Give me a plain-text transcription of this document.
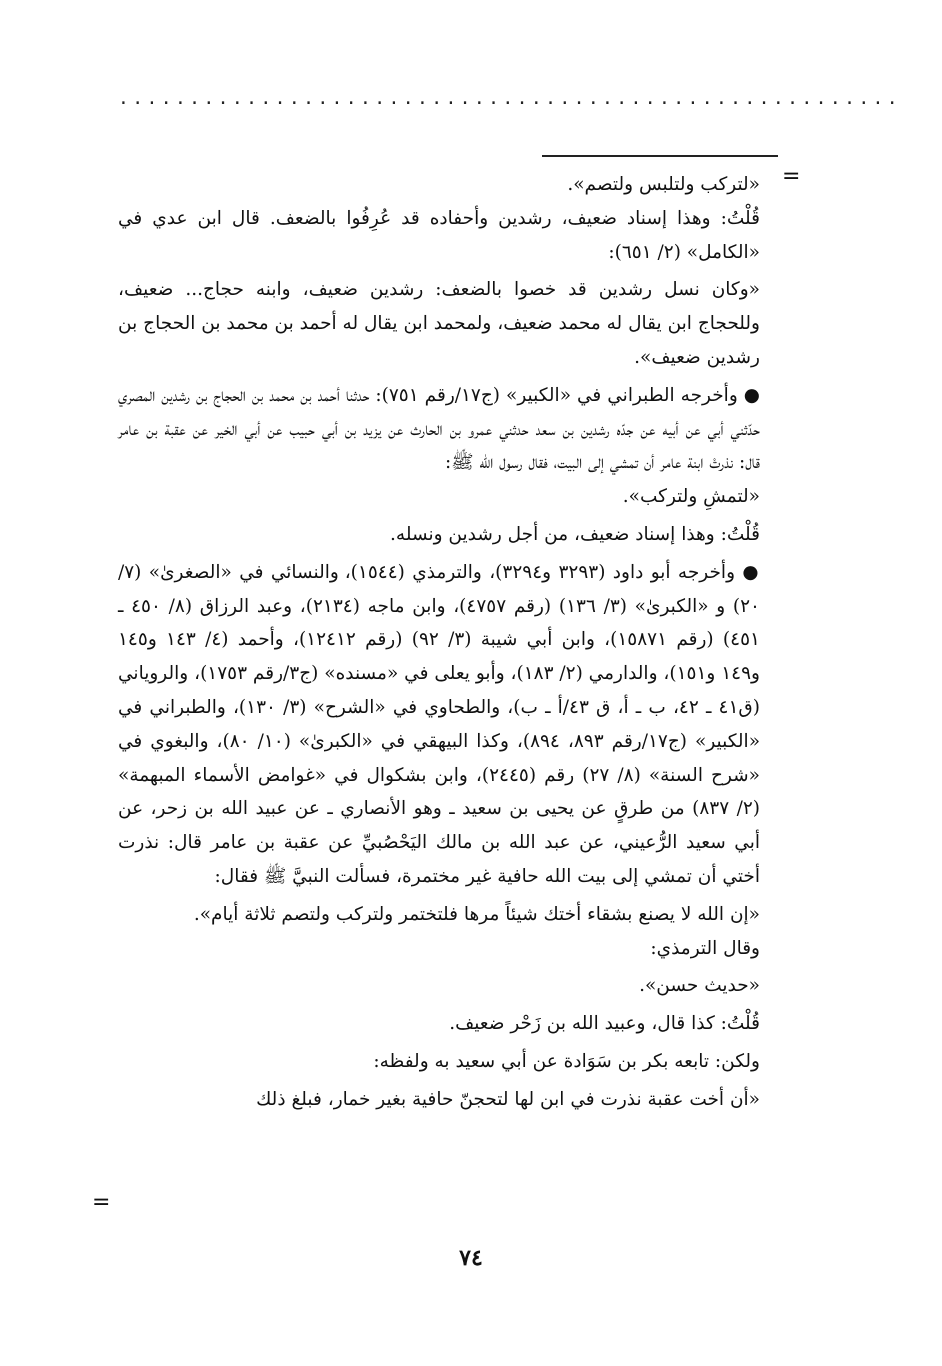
.......................................................
=

«لتركب ولتلبس ولتصم».

قُلْتُ: وهذا إسناد ضعيف، رشدين وأحفاده قد عُرِفُوا بالضعف. قال ابن عدي في «الكامل» (٢/ ٦٥١):

«وكان نسل رشدين قد خصوا بالضعف: رشدين ضعيف، وابنه حجاج... ضعيف، وللحجاج ابن يقال له محمد ضعيف، ولمحمد ابن يقال له أحمد بن محمد بن الحجاج بن رشدين ضعيف».

● وأخرجه الطبراني في «الكبير» (ج١٧/رقم ٧٥١): حدثنا أحمد بن محمد بن الحجاج بن رشدين المصري حدّثني أبي عن أبيه عن جدّه رشدين بن سعد حدثني عمرو بن الحارث عن يزيد بن أبي حبيب عن أبي الخير عن عقبة بن عامر قال: نذرتْ ابنة عامر أن تمشي إلى البيت، فقال رسول الله ﷺ:

«لتمشِ ولتركب».

قُلْتُ: وهذا إسناد ضعيف، من أجل رشدين ونسله.

● وأخرجه أبو داود (٣٢٩٣ و٣٢٩٤)، والترمذي (١٥٤٤)، والنسائي في «الصغرىٰ» (٧/ ٢٠) و «الكبرىٰ» (٣/ ١٣٦) (رقم ٤٧٥٧)، وابن ماجه (٢١٣٤)، وعبد الرزاق (٨/ ٤٥٠ ـ ٤٥١) (رقم ١٥٨٧١)، وابن أبي شيبة (٣/ ٩٢) (رقم ١٢٤١٢)، وأحمد (٤/ ١٤٣ و١٤٥ و١٤٩ و١٥١)، والدارمي (٢/ ١٨٣)، وأبو يعلى في «مسنده» (ج٣/رقم ١٧٥٣)، والروياني (ق٤١ ـ ٤٢، ب ـ أ، ق ٤٣/أ ـ ب)، والطحاوي في «الشرح» (٣/ ١٣٠)، والطبراني في «الكبير» (ج١٧/رقم ٨٩٣، ٨٩٤)، وكذا البيهقي في «الكبرىٰ» (١٠/ ٨٠)، والبغوي في «شرح السنة» (٨/ ٢٧) رقم (٢٤٤٥)، وابن بشكوال في «غوامض الأسماء المبهمة» (٢/ ٨٣٧) من طرقٍ عن يحيى بن سعيد ـ وهو الأنصاري ـ عن عبيد الله بن زحر، عن أبي سعيد الرُّعيني، عن عبد الله بن مالك اليَحْصُبيِّ عن عقبة بن عامر قال: نذرت أختي أن تمشي إلى بيت الله حافية غير مختمرة، فسألت النبيَّ ﷺ فقال:

«إن الله لا يصنع بشقاء أختك شيئاً مرها فلتختمر ولتركب ولتصم ثلاثة أيام».

وقال الترمذي:

«حديث حسن».

قُلْتُ: كذا قال، وعبيد الله بن زَحْر ضعيف.

ولكن: تابعه بكر بن سَوَادة عن أبي سعيد به ولفظه:

«أن أخت عقبة نذرت في ابن لها لتحجنّ حافية بغير خمار، فبلغ ذلك

=
٧٤
